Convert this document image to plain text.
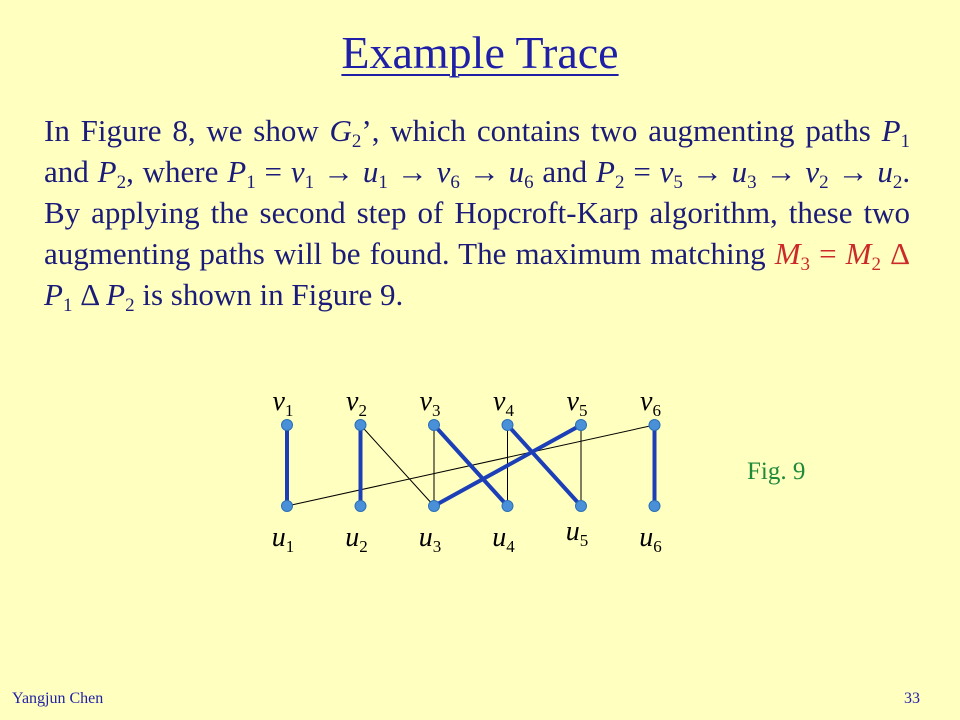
Example Trace
In Figure 8, we show $G_2$’, which contains two augmenting paths $P_1$ and $P_2$, where $P_1 = v_1 \to u_1 \to v_6 \to u_6$ and $P_2 = v_5 \to u_3 \to v_2 \to u_2$. By applying the second step of Hopcroft-Karp algorithm, these two augmenting paths will be found. The maximum matching $M_3 = M_2$ Δ $P_1$ Δ $P_2$ is shown in Figure 9.
$v_1$ $v_2$ $v_3$ $v_4$ $v_5$ $v_6$
$u_1$ $u_2$ $u_3$ $u_4$ $u_5$ $u_6$
Fig. 9
Yangjun Chen	33
